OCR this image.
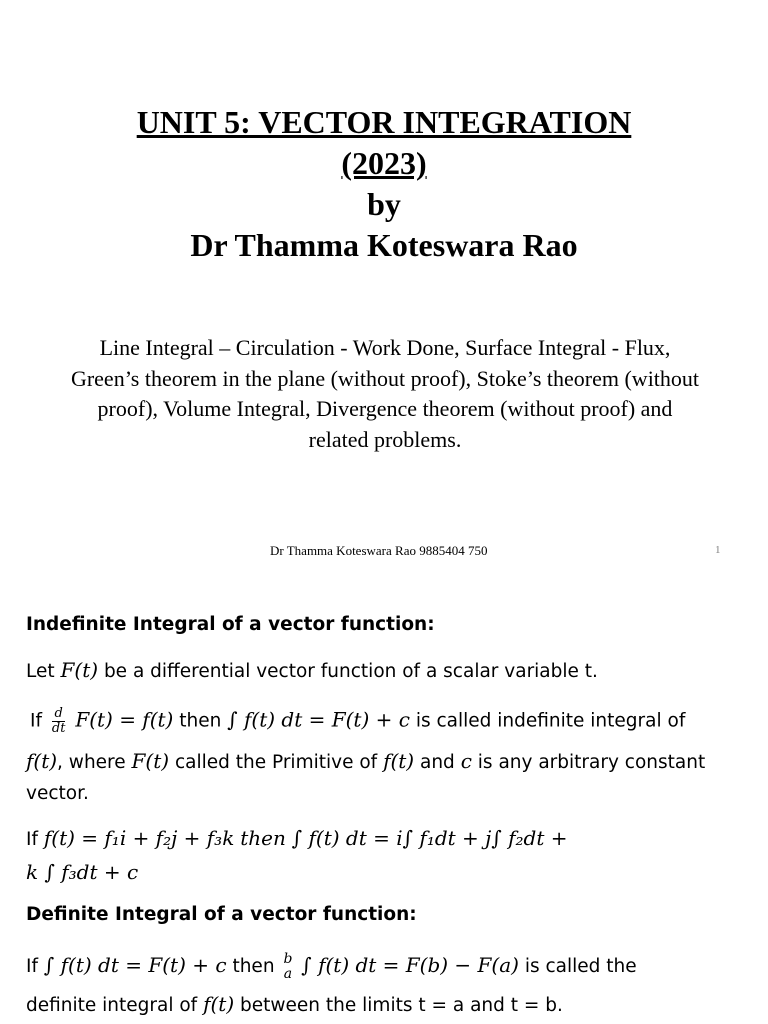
UNIT 5: VECTOR INTEGRATION
(2023)
by
Dr Thamma Koteswara Rao
Line Integral – Circulation - Work Done, Surface Integral - Flux, Green’s theorem in the plane (without proof), Stoke’s theorem (without proof), Volume Integral, Divergence theorem (without proof) and related problems.
Dr Thamma Koteswara Rao 9885404 750	1
Indefinite Integral of a vector function:
Let F(t) be a differential vector function of a scalar variable t.
If $\frac{d}{dt} F(t) = f(t)$ then ∫ f(t) dt = F(t) + c is called indefinite integral of
f(t), where F(t) called the Primitive of f(t) and c is any arbitrary constant
vector.
If f(t) = f₁i + f₂j + f₃k then ∫ f(t) dt = i∫ f₁dt + j∫ f₂dt +
k ∫ f₃dt + c
Definite Integral of a vector function:
If ∫ f(t) dt = F(t) + c then b
a ∫ f(t) dt = F(b) − F(a) is called the
definite integral of f(t) between the limits t = a and t = b.
